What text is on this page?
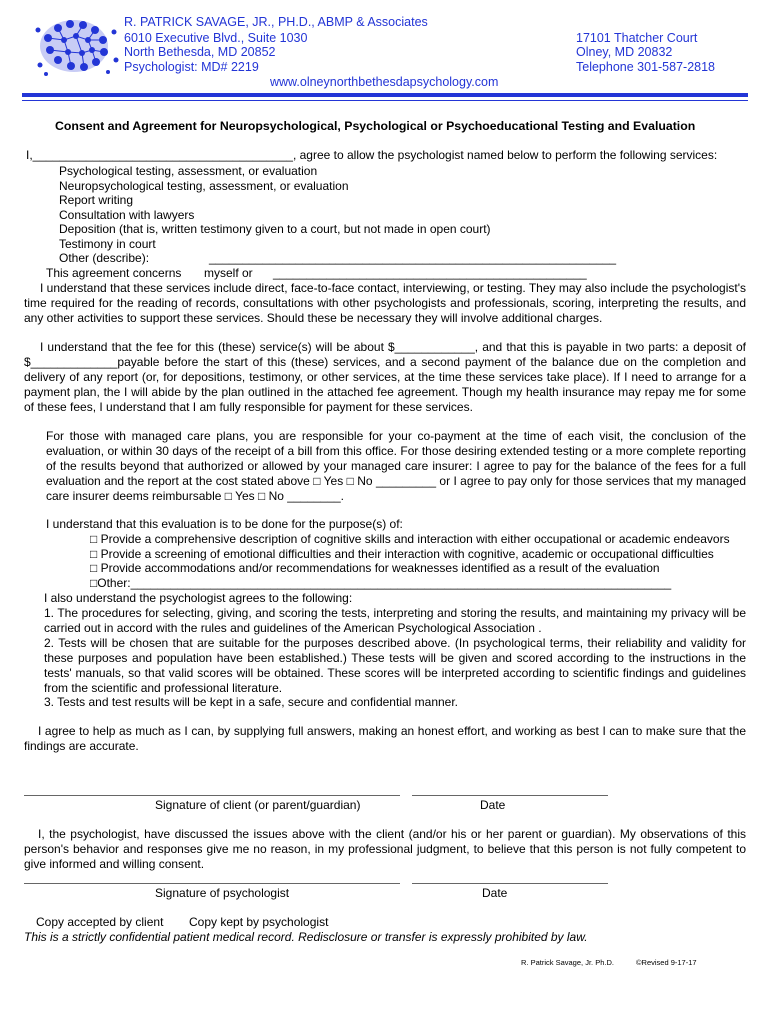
R. PATRICK SAVAGE, JR., PH.D., ABMP & Associates
6010 Executive Blvd., Suite 1030
North Bethesda, MD 20852
Psychologist: MD# 2219
17101 Thatcher Court
Olney, MD 20832
Telephone 301-587-2818
www.olneynorthbethesdapsychology.com
Consent and Agreement for Neuropsychological, Psychological or Psychoeducational Testing and Evaluation
I,_______________________________________, agree to allow the psychologist named below to perform the following services:
Psychological testing, assessment, or evaluation
Neuropsychological testing, assessment, or evaluation
Report writing
Consultation with lawyers
Deposition (that is, written testimony given to a court, but not made in open court)
Testimony in court
Other (describe):	_____________________________________________________________
This agreement concerns myself or _______________________________________________
I understand that these services include direct, face-to-face contact, interviewing, or testing. They may also include the psychologist's time required for the reading of records, consultations with other psychologists and professionals, scoring, interpreting the results, and any other activities to support these services. Should these be necessary they will involve additional charges.
I understand that the fee for this (these) service(s) will be about $____________, and that this is payable in two parts: a deposit of $_____________payable before the start of this (these) services, and a second payment of the balance due on the completion and delivery of any report (or, for depositions, testimony, or other services, at the time these services take place). If I need to arrange for a payment plan, the I will abide by the plan outlined in the attached fee agreement. Though my health insurance may repay me for some of these fees, I understand that I am fully responsible for payment for these services.
For those with managed care plans, you are responsible for your co-payment at the time of each visit, the conclusion of the evaluation, or within 30 days of the receipt of a bill from this office. For those desiring extended testing or a more complete reporting of the results beyond that authorized or allowed by your managed care insurer: I agree to pay for the balance of the fees for a full evaluation and the report at the cost stated above □ Yes □ No _________ or I agree to pay only for those services that my managed care insurer deems reimbursable □ Yes □ No ________.
I understand that this evaluation is to be done for the purpose(s) of:
□ Provide a comprehensive description of cognitive skills and interaction with either occupational or academic endeavors
□ Provide a screening of emotional difficulties and their interaction with cognitive, academic or occupational difficulties
□ Provide accommodations and/or recommendations for weaknesses identified as a result of the evaluation
□Other:_________________________________________________________________________________
I also understand the psychologist agrees to the following:
1. The procedures for selecting, giving, and scoring the tests, interpreting and storing the results, and maintaining my privacy will be carried out in accord with the rules and guidelines of the American Psychological Association .
2. Tests will be chosen that are suitable for the purposes described above. (In psychological terms, their reliability and validity for these purposes and population have been established.) These tests will be given and scored according to the instructions in the tests' manuals, so that valid scores will be obtained. These scores will be interpreted according to scientific findings and guidelines from the scientific and professional literature.
3. Tests and test results will be kept in a safe, secure and confidential manner.
I agree to help as much as I can, by supplying full answers, making an honest effort, and working as best I can to make sure that the findings are accurate.
Signature of client (or parent/guardian)	Date
I, the psychologist, have discussed the issues above with the client (and/or his or her parent or guardian). My observations of this person's behavior and responses give me no reason, in my professional judgment, to believe that this person is not fully competent to give informed and willing consent.
Signature of psychologist	Date
Copy accepted by client Copy kept by psychologist
This is a strictly confidential patient medical record. Redisclosure or transfer is expressly prohibited by law.
R. Patrick Savage, Jr. Ph.D.	©Revised 9-17-17
